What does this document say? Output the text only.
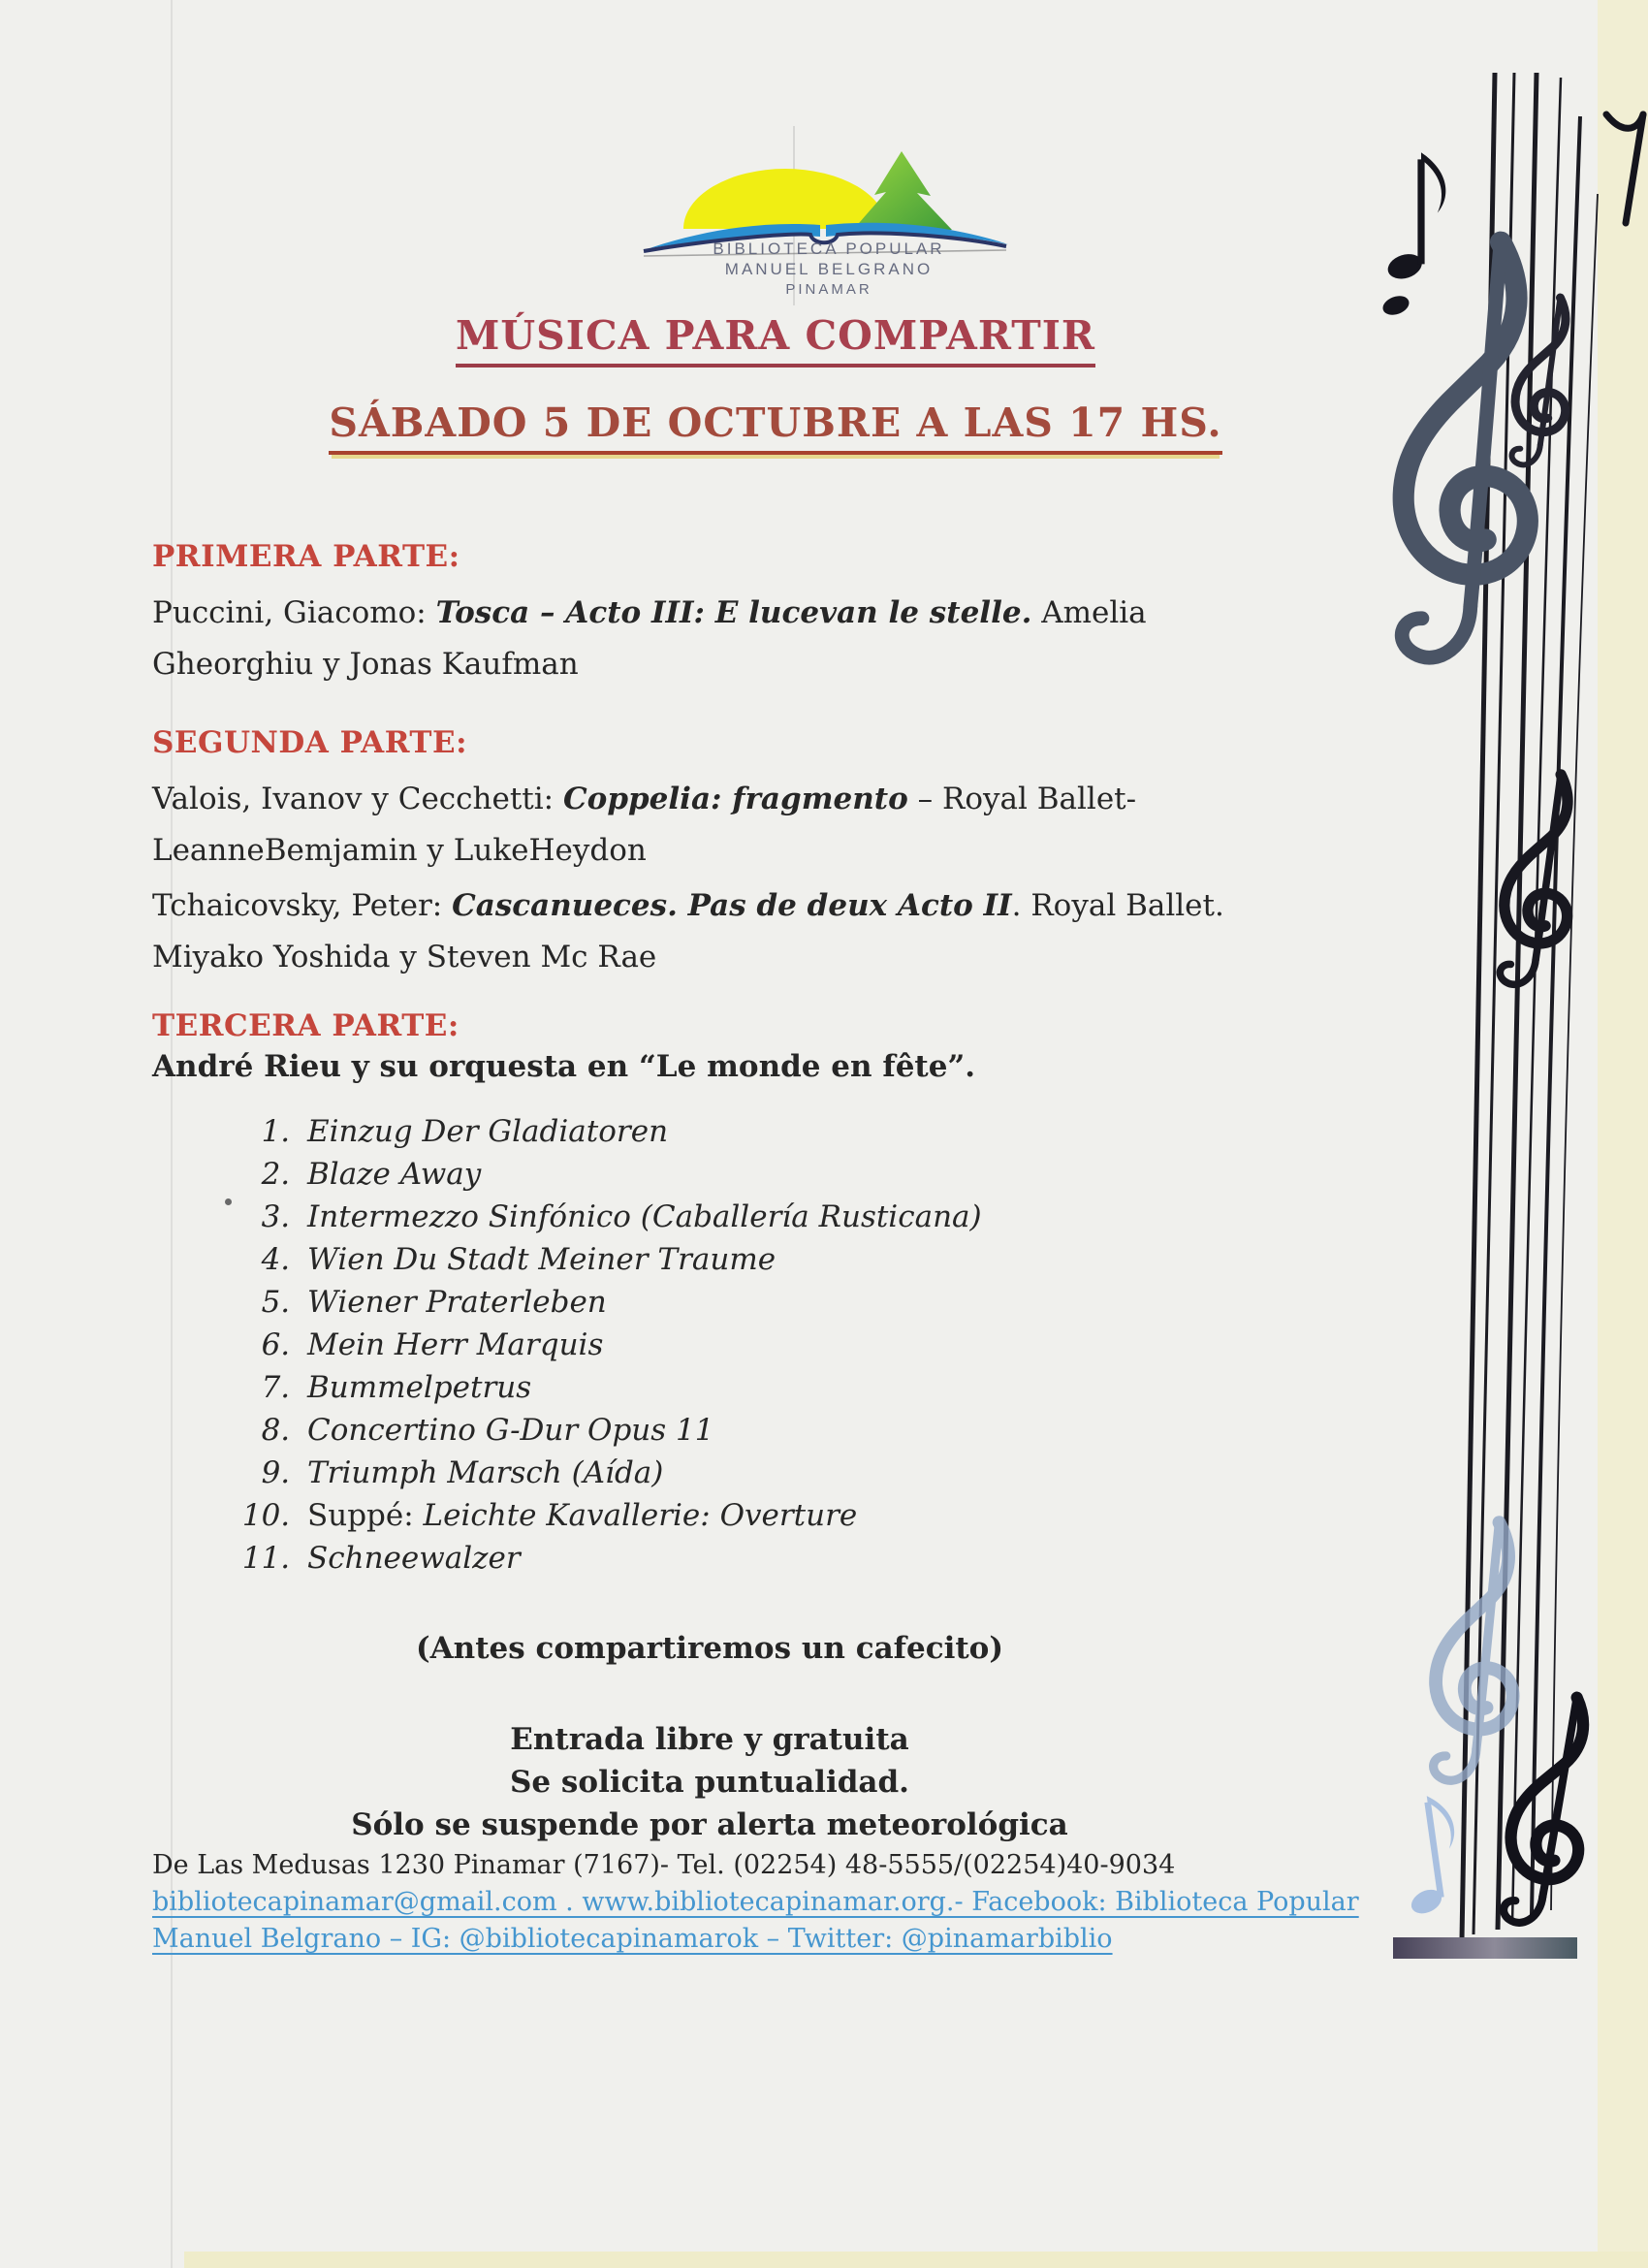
BIBLIOTECA POPULAR
MANUEL BELGRANO
PINAMAR
MÚSICA PARA COMPARTIR
SÁBADO 5 DE OCTUBRE A LAS 17 HS.
PRIMERA PARTE:
Puccini, Giacomo: Tosca – Acto III: E lucevan le stelle. Amelia Gheorghiu y Jonas Kaufman
SEGUNDA PARTE:
Valois, Ivanov y Cecchetti: Coppelia: fragmento – Royal Ballet-LeanneBemjamin y LukeHeydon
Tchaicovsky, Peter: Cascanueces. Pas de deux Acto II. Royal Ballet. Miyako Yoshida y Steven Mc Rae
TERCERA PARTE:
André Rieu y su orquesta en “Le monde en fête”.
1. Einzug Der Gladiatoren
2. Blaze Away
3. Intermezzo Sinfónico (Caballería Rusticana)
4. Wien Du Stadt Meiner Traume
5. Wiener Praterleben
6. Mein Herr Marquis
7. Bummelpetrus
8. Concertino G-Dur Opus 11
9. Triumph Marsch (Aída)
10. Suppé: Leichte Kavallerie: Overture
11. Schneewalzer
(Antes compartiremos un cafecito)
Entrada libre y gratuita
Se solicita puntualidad.
Sólo se suspende por alerta meteorológica
De Las Medusas 1230 Pinamar (7167)- Tel. (02254) 48-5555/(02254)40-9034
bibliotecapinamar@gmail.com . www.bibliotecapinamar.org.- Facebook: Biblioteca Popular
Manuel Belgrano – IG: @bibliotecapinamarok – Twitter: @pinamarbiblio
